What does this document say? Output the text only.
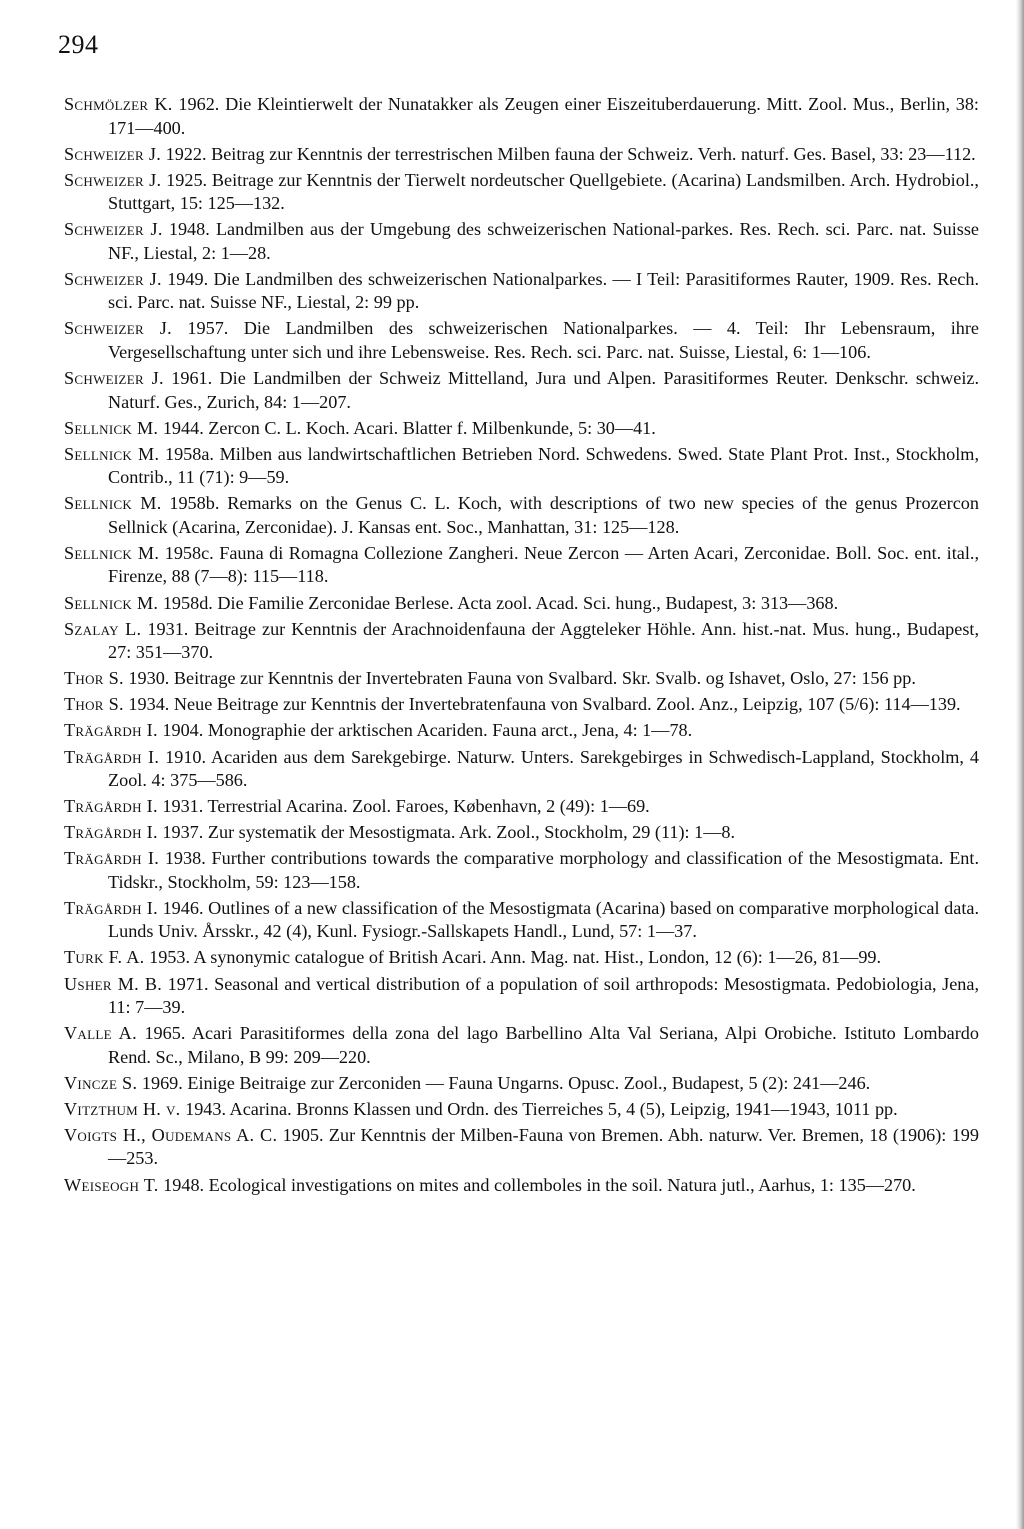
294
Schmölzer K. 1962. Die Kleintierwelt der Nunatakker als Zeugen einer Eiszeituberdauerung. Mitt. Zool. Mus., Berlin, 38: 171—400.
Schweizer J. 1922. Beitrag zur Kenntnis der terrestrischen Milben fauna der Schweiz. Verh. naturf. Ges. Basel, 33: 23—112.
Schweizer J. 1925. Beitrage zur Kenntnis der Tierwelt nordeutscher Quellgebiete. (Acarina) Landsmilben. Arch. Hydrobiol., Stuttgart, 15: 125—132.
Schweizer J. 1948. Landmilben aus der Umgebung des schweizerischen National-parkes. Res. Rech. sci. Parc. nat. Suisse NF., Liestal, 2: 1—28.
Schweizer J. 1949. Die Landmilben des schweizerischen Nationalparkes. — I Teil: Parasitiformes Rauter, 1909. Res. Rech. sci. Parc. nat. Suisse NF., Liestal, 2: 99 pp.
Schweizer J. 1957. Die Landmilben des schweizerischen Nationalparkes. — 4. Teil: Ihr Lebensraum, ihre Vergesellschaftung unter sich und ihre Lebensweise. Res. Rech. sci. Parc. nat. Suisse, Liestal, 6: 1—106.
Schweizer J. 1961. Die Landmilben der Schweiz Mittelland, Jura und Alpen. Parasitiformes Reuter. Denkschr. schweiz. Naturf. Ges., Zurich, 84: 1—207.
Sellnick M. 1944. Zercon C. L. Koch. Acari. Blatter f. Milbenkunde, 5: 30—41.
Sellnick M. 1958a. Milben aus landwirtschaftlichen Betrieben Nord. Schwedens. Swed. State Plant Prot. Inst., Stockholm, Contrib., 11 (71): 9—59.
Sellnick M. 1958b. Remarks on the Genus C. L. Koch, with descriptions of two new species of the genus Prozercon Sellnick (Acarina, Zerconidae). J. Kansas ent. Soc., Manhattan, 31: 125—128.
Sellnick M. 1958c. Fauna di Romagna Collezione Zangheri. Neue Zercon — Arten Acari, Zerconidae. Boll. Soc. ent. ital., Firenze, 88 (7—8): 115—118.
Sellnick M. 1958d. Die Familie Zerconidae Berlese. Acta zool. Acad. Sci. hung., Budapest, 3: 313—368.
Szalay L. 1931. Beitrage zur Kenntnis der Arachnoidenfauna der Aggteleker Höhle. Ann. hist.-nat. Mus. hung., Budapest, 27: 351—370.
Thor S. 1930. Beitrage zur Kenntnis der Invertebraten Fauna von Svalbard. Skr. Svalb. og Ishavet, Oslo, 27: 156 pp.
Thor S. 1934. Neue Beitrage zur Kenntnis der Invertebratenfauna von Svalbard. Zool. Anz., Leipzig, 107 (5/6): 114—139.
Trägårdh I. 1904. Monographie der arktischen Acariden. Fauna arct., Jena, 4: 1—78.
Trägårdh I. 1910. Acariden aus dem Sarekgebirge. Naturw. Unters. Sarekgebirges in Schwedisch-Lappland, Stockholm, 4 Zool. 4: 375—586.
Trägårdh I. 1931. Terrestrial Acarina. Zool. Faroes, København, 2 (49): 1—69.
Trägårdh I. 1937. Zur systematik der Mesostigmata. Ark. Zool., Stockholm, 29 (11): 1—8.
Trägårdh I. 1938. Further contributions towards the comparative morphology and classification of the Mesostigmata. Ent. Tidskr., Stockholm, 59: 123—158.
Trägårdh I. 1946. Outlines of a new classification of the Mesostigmata (Acarina) based on comparative morphological data. Lunds Univ. Årsskr., 42 (4), Kunl. Fysiogr.-Sallskapets Handl., Lund, 57: 1—37.
Turk F. A. 1953. A synonymic catalogue of British Acari. Ann. Mag. nat. Hist., London, 12 (6): 1—26, 81—99.
Usher M. B. 1971. Seasonal and vertical distribution of a population of soil arthropods: Mesostigmata. Pedobiologia, Jena, 11: 7—39.
Valle A. 1965. Acari Parasitiformes della zona del lago Barbellino Alta Val Seriana, Alpi Orobiche. Istituto Lombardo Rend. Sc., Milano, B 99: 209—220.
Vincze S. 1969. Einige Beitraige zur Zerconiden — Fauna Ungarns. Opusc. Zool., Budapest, 5 (2): 241—246.
Vitzthum H. v. 1943. Acarina. Bronns Klassen und Ordn. des Tierreiches 5, 4 (5), Leipzig, 1941—1943, 1011 pp.
Voigts H., Oudemans A. C. 1905. Zur Kenntnis der Milben-Fauna von Bremen. Abh. naturw. Ver. Bremen, 18 (1906): 199—253.
Weiseogh T. 1948. Ecological investigations on mites and collemboles in the soil. Natura jutl., Aarhus, 1: 135—270.
